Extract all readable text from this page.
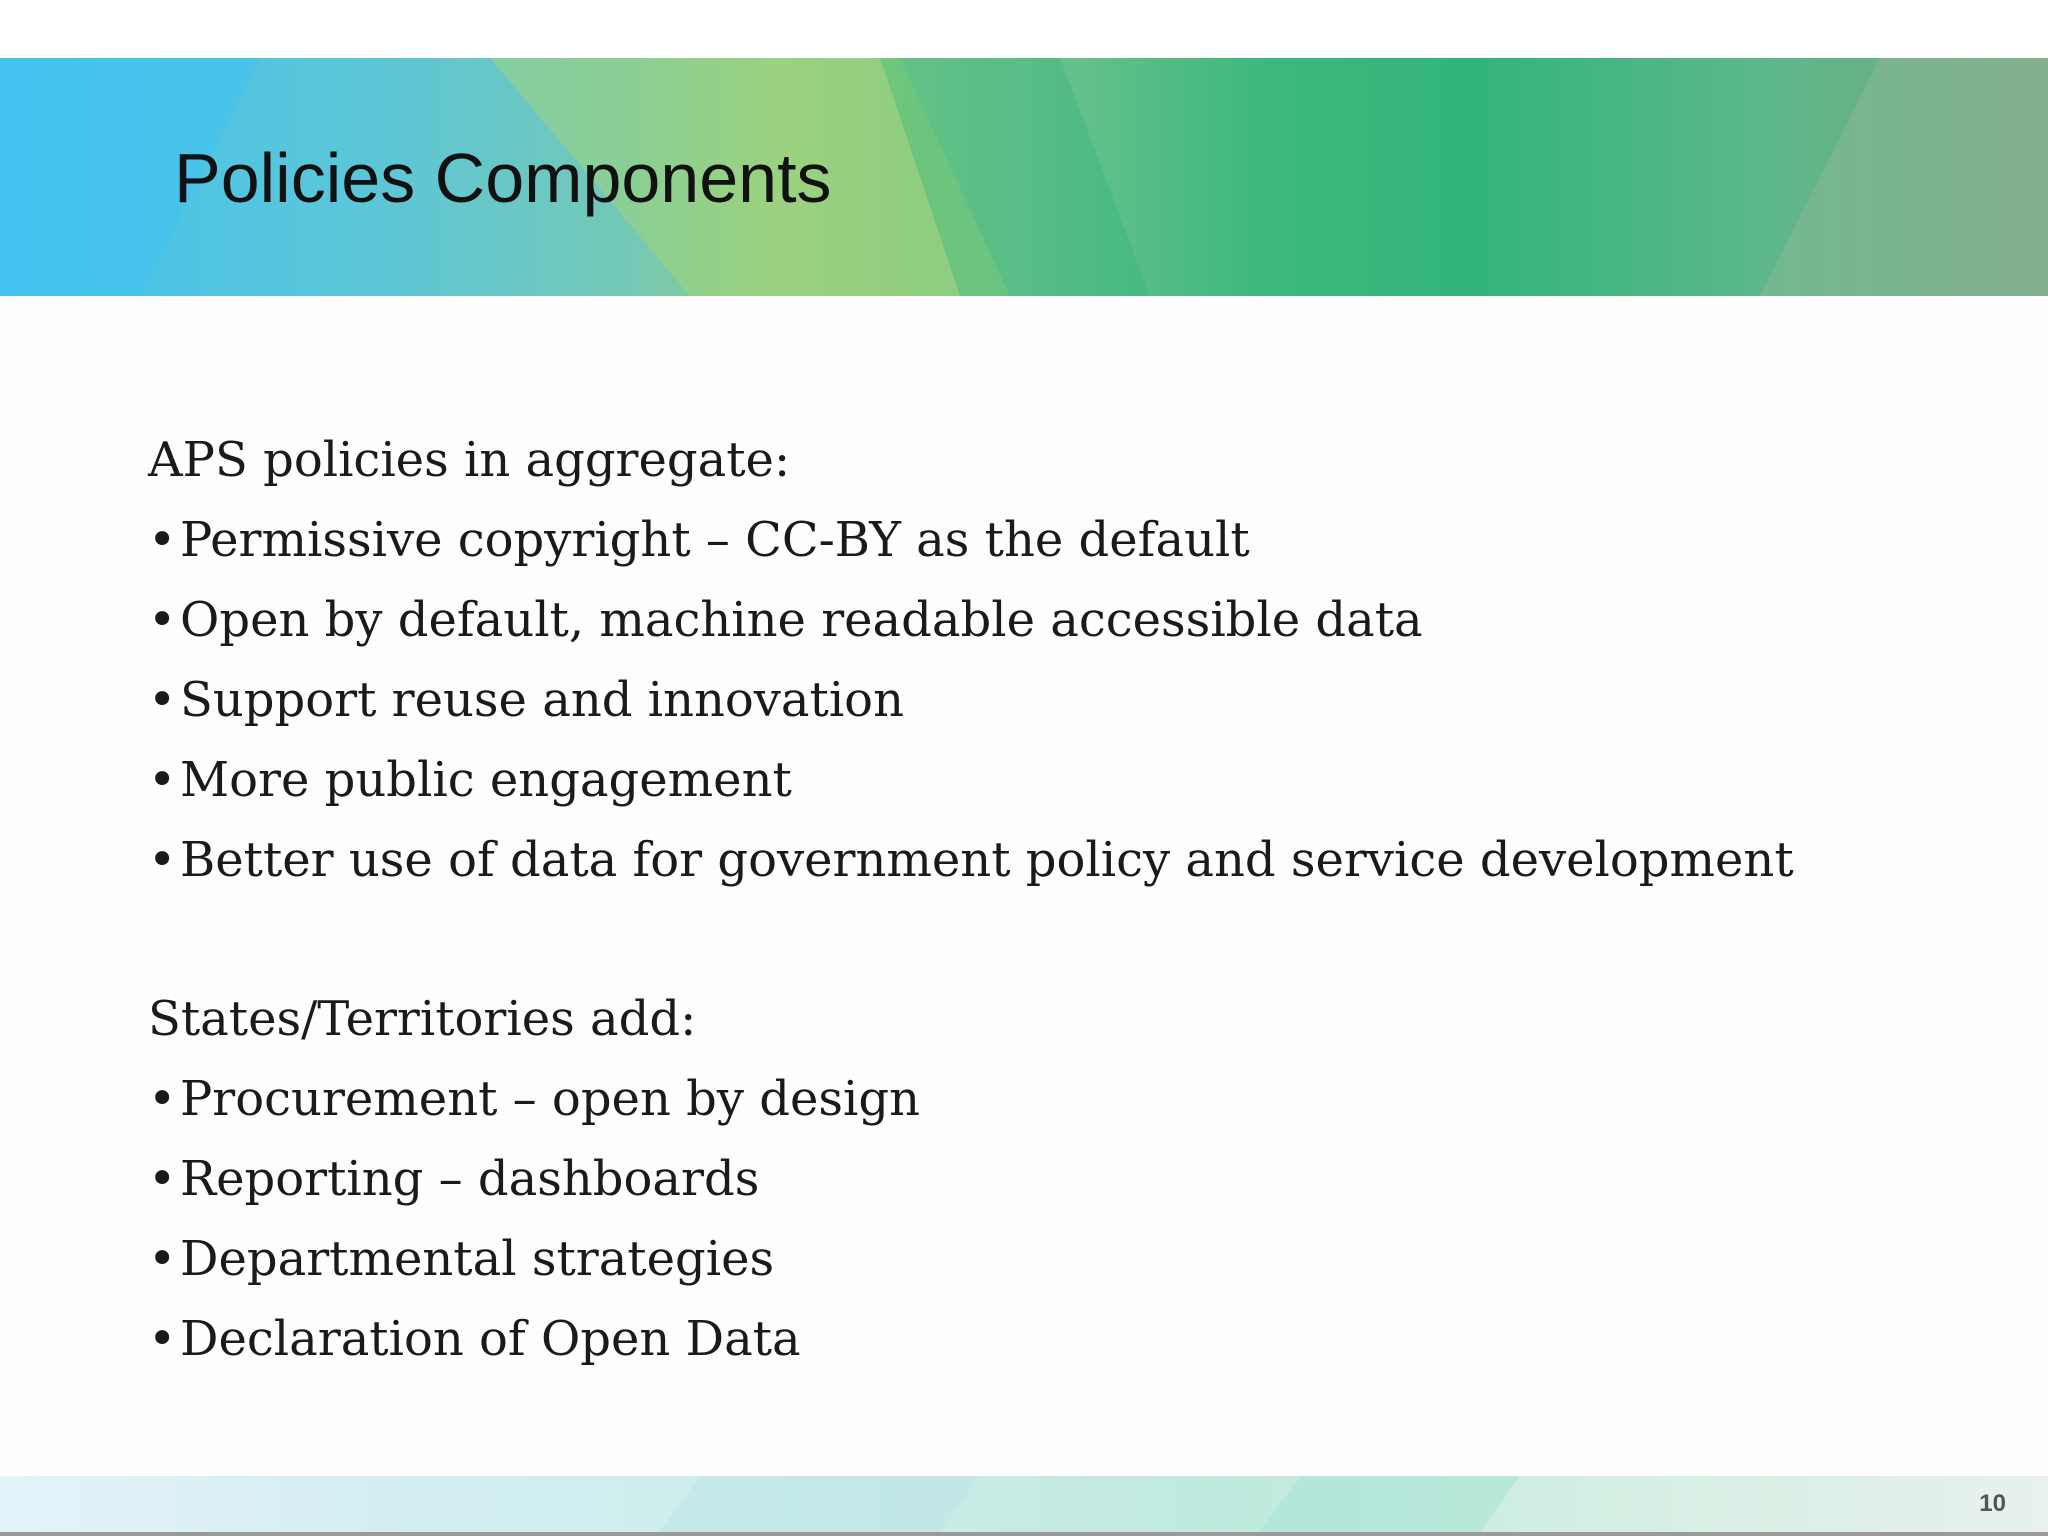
Policies Components
APS policies in aggregate:
•Permissive copyright – CC-BY as the default
•Open by default, machine readable accessible data
•Support reuse and innovation
•More public engagement
•Better use of data for government policy and service development
States/Territories add:
•Procurement – open by design
•Reporting – dashboards
•Departmental strategies
•Declaration of Open Data
10
